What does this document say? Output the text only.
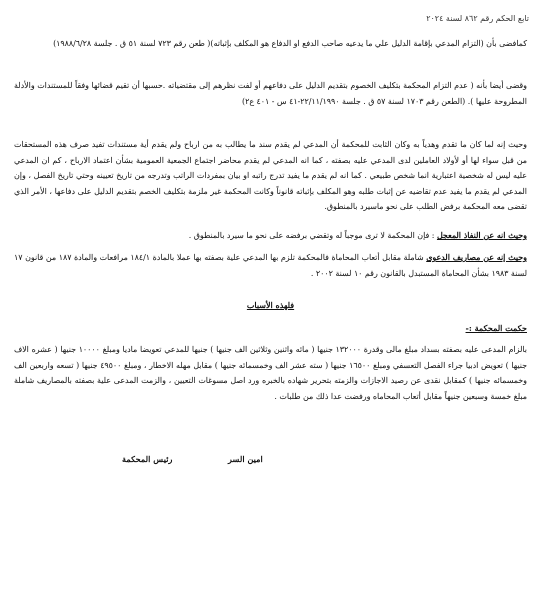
تابع الحكم رقم ٨٦٢ لسنة ٢٠٢٤

كمافضى بأن (التزام المدعي بإقامة الدليل علي ما يدعيه صاحب الدفع او الدفاع هو المكلف بإثباته)( طعن رقم ٧٢٣ لسنة ٥١ ق . جلسة ١٩٨٨/٦/٢٨)

وقضى أيضا بأنه ( عدم التزام المحكمة بتكليف الخصوم بتقديم الدليل على دفاعهم أو لفت نظرهم إلى مقتضياته .حسبها أن تقيم قضائها وفقاً للمستندات والأدلة المطروحة عليها ). (الطعن رقم ١٧٠٣ لسنة ٥٧ ق . جلسة ٢٢/١١/١٩٩٠-٤١ س - ٤٠١ ع٢)

وحيث إنه لما كان ما تقدم وهدياً به وكان الثابت للمحكمة أن المدعي لم يقدم سند ما يطالب به من ارباح ولم يقدم أية مستندات تفيد صرف هذه المستحقات من قبل سواء لها أو لأولاد العاملين لدى المدعي عليه بصفته ، كما انه المدعي لم يقدم محاضر اجتماع الجمعية العمومية بشأن اعتماد الارباح ، كم ان المدعي عليه ليس له شخصية اعتبارية انما شخص طبيعي . كما انه لم يقدم ما يفيد تدرج راتبه او بيان بمفردات الراتب وتدرجه من تاريخ تعيينه وحتي تاريخ الفصل ، وإن المدعي لم يقدم ما يفيد عدم تقاضيه عن إثبات طلبه وهو المكلف بإثباته قانوناً وكانت المحكمة غير ملزمة بتكليف الخصم بتقديم الدليل على دفاعها ، الأمر الذي تقضى معه المحكمة برفض الطلب على نحو ماسيرد بالمنطوق.

وحيث انه عن النفاذ المعجل : فإن المحكمة لا ترى موجباً له وتقضي برفضه على نحو ما سيرد بالمنطوق .

وحيث إنه عن مصاريف الدعوى شاملة مقابل أتعاب المحاماة فالمحكمة تلزم بها المدعي علية بصفته بها عملا بالمادة ١٨٤/١ مرافعات والمادة ١٨٧ من قانون ١٧ لسنة ١٩٨٣ بشأن المحاماة المستبدل بالقانون رقم ١٠ لسنة ٢٠٠٢ .

فلهذه الأسباب

حكمت المحكمة :-

بالزام المدعى عليه بصفته بسداد مبلغ مالى وقدرة ١٣٢٠٠٠ جنيها ( مائه واثنين وثلاثين الف جنيها ) جنيها للمدعي تعويضا ماديا ومبلغ ١٠٠٠٠ جنيها ( عشره الاف جنيها ) تعويض ادبيا جراء الفصل التعسفي ومبلغ ١٦٥٠٠ جنيها ( سته عشر الف وخمسمائه جنيها ) مقابل مهله الاخطار ، ومبلغ ٤٩٥٠٠ جنيها ( تسعه واربعين الف وخمسمائه جنيها ) كمقابل نقدى عن رصيد الاجازات والزمته بتحرير شهاده بالخبره ورد اصل مسوغات التعيين ، والزمت المدعى علية بصفته بالمصاريف شاملة مبلغ خمسة وسبعين جنيهاً مقابل أتعاب المحاماه ورفضت عدا ذلك من طلبات .

امين السر
رئيس المحكمة
